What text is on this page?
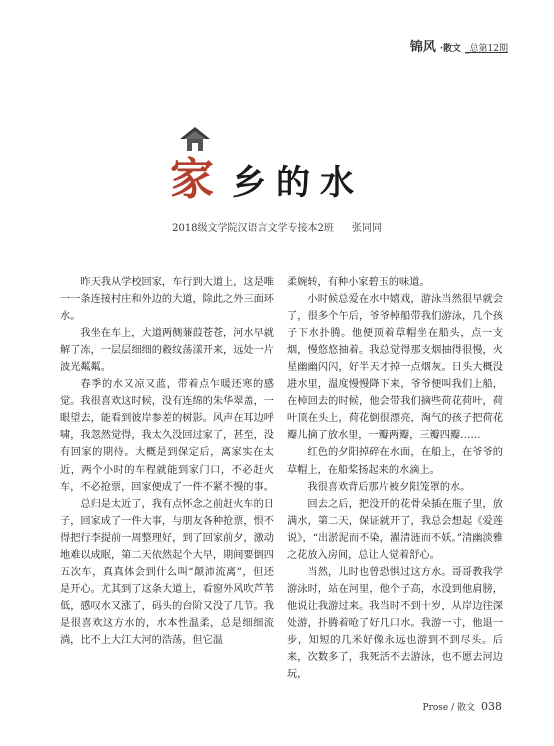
锦风 ·散文 _总第12期
家 乡的水
2018级文学院汉语言文学专接本2班 张同同

昨天我从学校回家，车行到大道上，这是唯一一条连接村庄和外边的大道，除此之外三面环水。

我坐在车上，大道两侧蒹葭苍苍，河水早就解了冻，一层层细细的縠纹荡漾开来，远处一片波光粼粼。

春季的水又凉又蓝，带着点乍暖还寒的感觉。我很喜欢这时候，没有连绵的朱华翠盖，一眼望去，能看到彼岸参差的树影。风声在耳边呼啸，我忽然觉得，我太久没回过家了，甚至，没有回家的期待。大概是到保定后，离家实在太近，两个小时的车程就能到家门口，不必赶火车，不必抢票，回家便成了一件不紧不慢的事。

总归是太近了，我有点怀念之前赶火车的日子，回家成了一件大事，与朋友各种抢票，恨不得把行李提前一周整理好，到了回家前夕，激动地难以成眠，第二天依然起个大早，期间要倒四五次车，真真体会到什么叫“颠沛流离”，但还是开心。尤其到了这条大道上，看窗外风吹芦苇低，感叹水又涨了，码头的台阶又没了几节。我是很喜欢这方水的，水本性温柔，总是细细流淌，比不上大江大河的浩荡，但它温

柔婉转，有种小家碧玉的味道。

小时候总爱在水中嬉戏，游泳当然很早就会了，很多个午后，爷爷棹船带我们游泳，几个孩子下水扑腾。他便顶着草帽坐在船头，点一支烟，慢悠悠抽着。我总觉得那支烟抽得很慢，火星幽幽闪闪，好半天才掉一点烟灰。日头大概没进水里，温度慢慢降下来，爷爷便叫我们上船，在棹回去的时候，他会带我们摘些荷花荷叶，荷叶顶在头上，荷花倒很漂亮，淘气的孩子把荷花瓣儿摘了放水里，一瓣两瓣，三瓣四瓣……

红色的夕阳掉碎在水面，在船上，在爷爷的草帽上，在船桨扬起来的水滴上。

我很喜欢背后那片被夕阳笼罩的水。

回去之后，把没开的花骨朵插在瓶子里，放满水，第二天，保证就开了，我总会想起《爱莲说》，“出淤泥而不染，濯清涟而不妖。”清幽淡雅之花放入房间，总让人觉着舒心。

当然，儿时也曾恐惧过这方水。哥哥教我学游泳时，站在河里，他个子高，水没到他肩膀，他说让我游过来。我当时不到十岁，从岸边往深处游，扑腾着呛了好几口水。我游一寸，他退一步，知短的几米好像永远也游到不到尽头。后来，次数多了，我死活不去游泳，也不愿去河边玩，

Prose / 散文 038
